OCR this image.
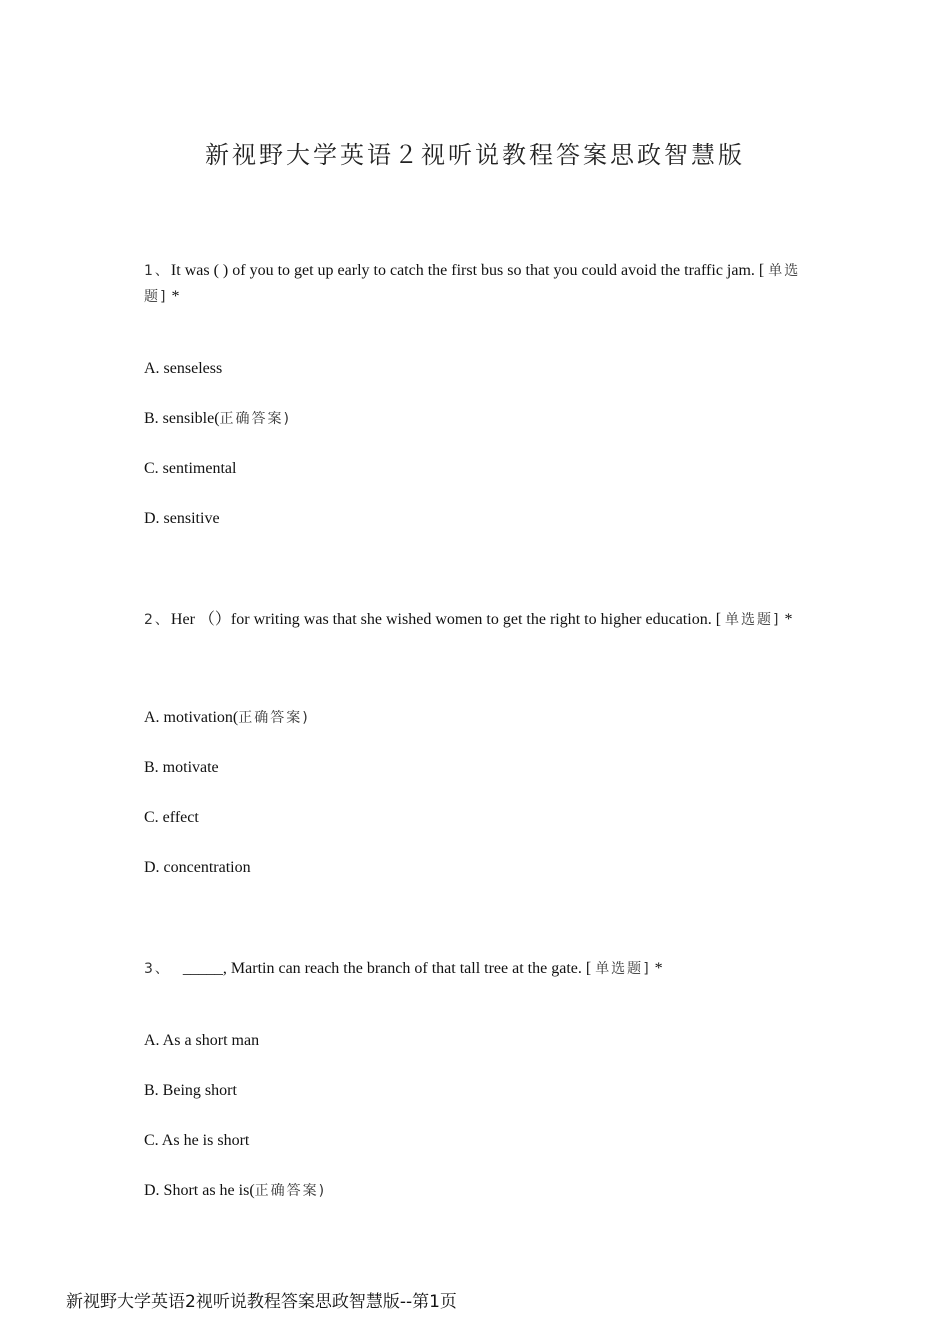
新视野大学英语２视听说教程答案思政智慧版
1、It was ( ) of you to get up early to catch the first bus so that you could avoid the traffic jam. [ 单选题] *
A. senseless
B. sensible(正确答案)
C. sentimental
D. sensitive
2、Her （）for writing was that she wished women to get the right to higher education. [ 单选题] *
A. motivation(正确答案)
B. motivate
C. effect
D. concentration
3、 _____, Martin can reach the branch of that tall tree at the gate. [ 单选题] *
A. As a short man
B. Being short
C. As he is short
D. Short as he is(正确答案)
新视野大学英语2视听说教程答案思政智慧版--第1页
